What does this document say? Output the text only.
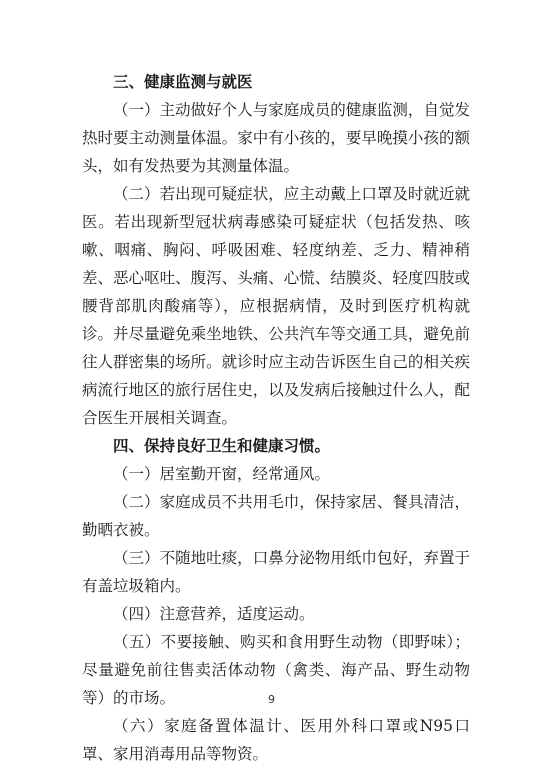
三、健康监测与就医

（一）主动做好个人与家庭成员的健康监测，自觉发热时要主动测量体温。家中有小孩的，要早晚摸小孩的额头，如有发热要为其测量体温。

（二）若出现可疑症状，应主动戴上口罩及时就近就医。若出现新型冠状病毒感染可疑症状（包括发热、咳嗽、咽痛、胸闷、呼吸困难、轻度纳差、乏力、精神稍差、恶心呕吐、腹泻、头痛、心慌、结膜炎、轻度四肢或腰背部肌肉酸痛等），应根据病情，及时到医疗机构就诊。并尽量避免乘坐地铁、公共汽车等交通工具，避免前往人群密集的场所。就诊时应主动告诉医生自己的相关疾病流行地区的旅行居住史，以及发病后接触过什么人，配合医生开展相关调查。

四、保持良好卫生和健康习惯。

（一）居室勤开窗，经常通风。

（二）家庭成员不共用毛巾，保持家居、餐具清洁，勤晒衣被。

（三）不随地吐痰，口鼻分泌物用纸巾包好，弃置于有盖垃圾箱内。

（四）注意营养，适度运动。

（五）不要接触、购买和食用野生动物（即野味）；尽量避免前往售卖活体动物（禽类、海产品、野生动物等）的市场。

（六）家庭备置体温计、医用外科口罩或N95口罩、家用消毒用品等物资。

9
